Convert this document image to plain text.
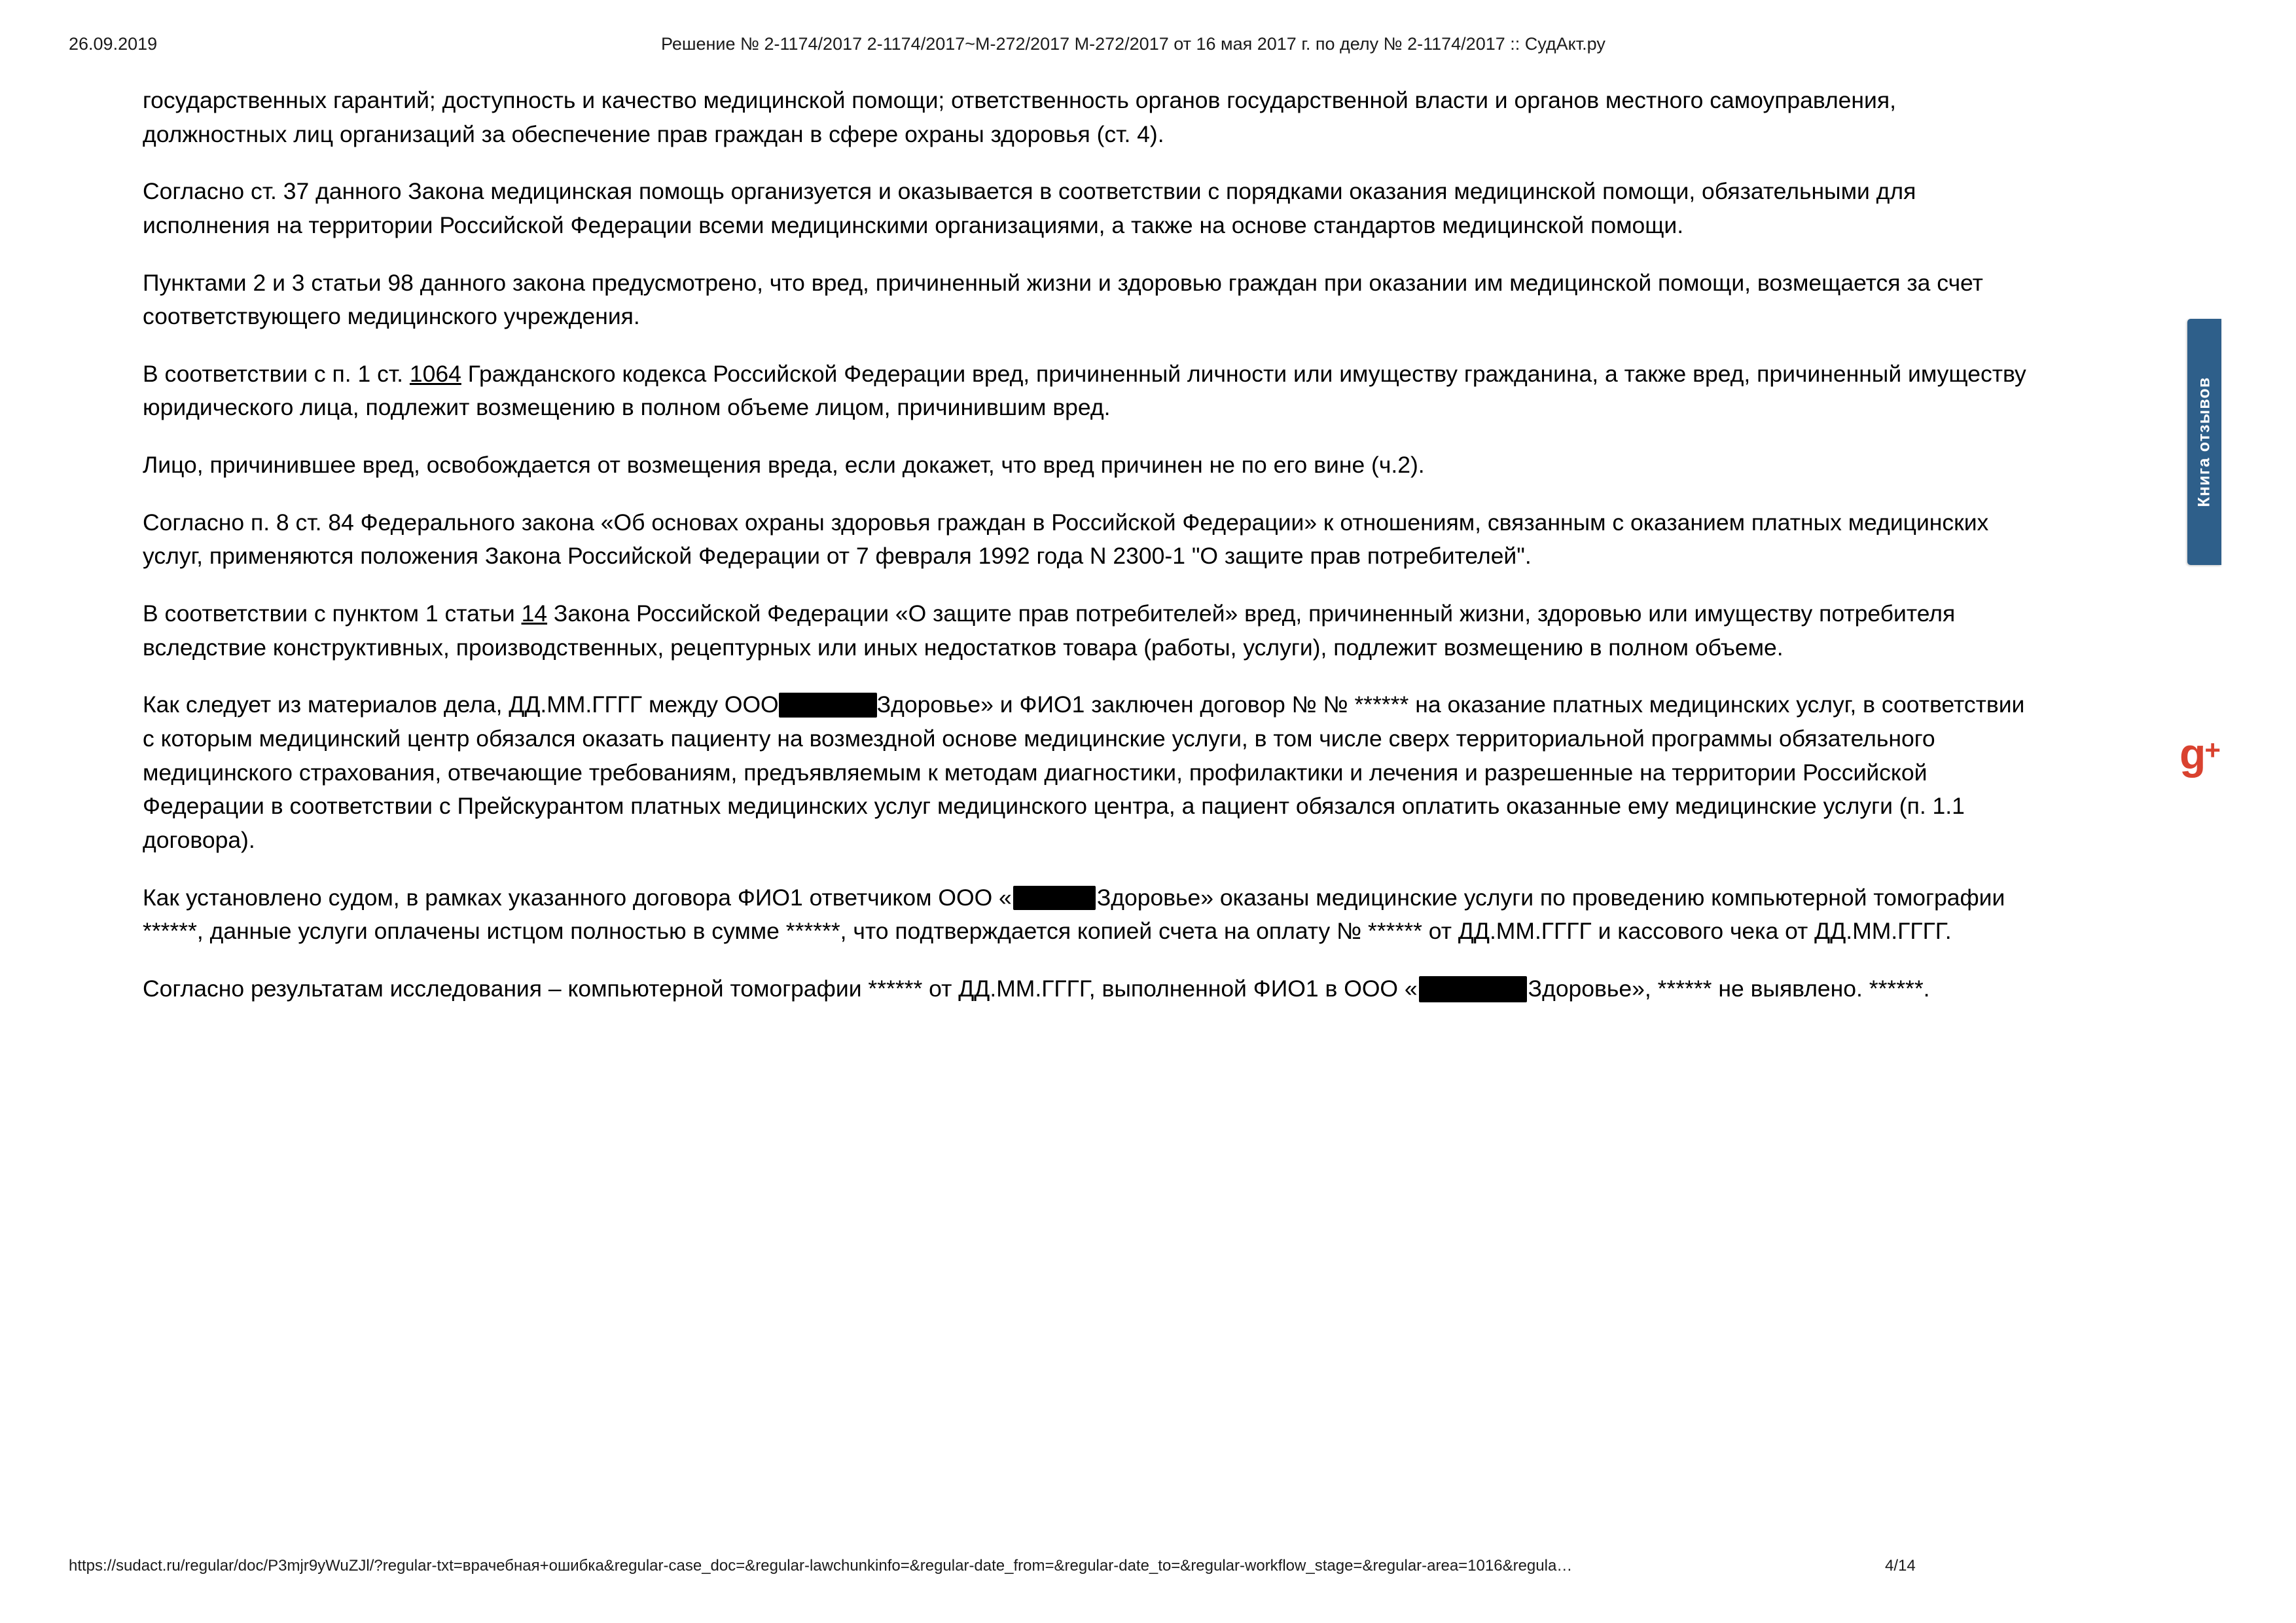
26.09.2019	Решение № 2-1174/2017 2-1174/2017~М-272/2017 М-272/2017 от 16 мая 2017 г. по делу № 2-1174/2017 :: СудАкт.ру

государственных гарантий; доступность и качество медицинской помощи; ответственность органов государственной власти и органов местного самоуправления, должностных лиц организаций за обеспечение прав граждан в сфере охраны здоровья (ст. 4).

Согласно ст. 37 данного Закона медицинская помощь организуется и оказывается в соответствии с порядками оказания медицинской помощи, обязательными для исполнения на территории Российской Федерации всеми медицинскими организациями, а также на основе стандартов медицинской помощи.

Пунктами 2 и 3 статьи 98 данного закона предусмотрено, что вред, причиненный жизни и здоровью граждан при оказании им медицинской помощи, возмещается за счет соответствующего медицинского учреждения.

В соответствии с п. 1 ст. 1064 Гражданского кодекса Российской Федерации вред, причиненный личности или имуществу гражданина, а также вред, причиненный имуществу юридического лица, подлежит возмещению в полном объеме лицом, причинившим вред.

Лицо, причинившее вред, освобождается от возмещения вреда, если докажет, что вред причинен не по его вине (ч.2).

Согласно п. 8 ст. 84 Федерального закона «Об основах охраны здоровья граждан в Российской Федерации» к отношениям, связанным с оказанием платных медицинских услуг, применяются положения Закона Российской Федерации от 7 февраля 1992 года N 2300-1 "О защите прав потребителей".

В соответствии с пунктом 1 статьи 14 Закона Российской Федерации «О защите прав потребителей» вред, причиненный жизни, здоровью или имуществу потребителя вследствие конструктивных, производственных, рецептурных или иных недостатков товара (работы, услуги), подлежит возмещению в полном объеме.

Как следует из материалов дела, ДД.ММ.ГГГГ между ООО	Здоровье» и ФИО1 заключен договор № № ****** на оказание платных медицинских услуг, в соответствии с которым медицинский центр обязался оказать пациенту на возмездной основе медицинские услуги, в том числе сверх территориальной программы обязательного медицинского страхования, отвечающие требованиям, предъявляемым к методам диагностики, профилактики и лечения и разрешенные на территории Российской Федерации в соответствии с Прейскурантом платных медицинских услуг медицинского центра, а пациент обязался оплатить оказанные ему медицинские услуги (п. 1.1 договора).

Как установлено судом, в рамках указанного договора ФИО1 ответчиком ООО «	Здоровье» оказаны медицинские услуги по проведению компьютерной томографии ******, данные услуги оплачены истцом полностью в сумме ******, что подтверждается копией счета на оплату № ****** от ДД.ММ.ГГГГ и кассового чека от ДД.ММ.ГГГГ.

Согласно результатам исследования – компьютерной томографии ****** от ДД.ММ.ГГГГ, выполненной ФИО1 в ООО «	Здоровье», ****** не выявлено. ******.

Книга отзывов
g+
https://sudact.ru/regular/doc/P3mjr9yWuZJl/?regular-txt=врачебная+ошибка&regular-case_doc=&regular-lawchunkinfo=&regular-date_from=&regular-date_to=&regular-workflow_stage=&regular-area=1016&regula…	4/14
